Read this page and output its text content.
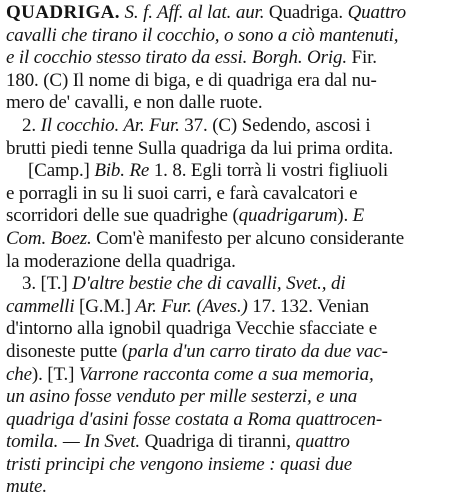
QUADRIGA. S. f. Aff. al lat. aur. Quadriga. Quattro
cavalli che tirano il cocchio, o sono a ciò mantenuti,
e il cocchio stesso tirato da essi. Borgh. Orig. Fir.
180. (C) Il nome di biga, e di quadriga era dal nu-
mero de' cavalli, e non dalle ruote.
2. Il cocchio. Ar. Fur. 37. (C) Sedendo, ascosi i
brutti piedi tenne Sulla quadriga da lui prima ordita.
[Camp.] Bib. Re 1. 8. Egli torrà li vostri figliuoli
e porragli in su li suoi carri, e farà cavalcatori e
scorridori delle sue quadrighe (quadrigarum). E
Com. Boez. Com'è manifesto per alcuno considerante
la moderazione della quadriga.
3. [T.] D'altre bestie che di cavalli, Svet., di
cammelli [G.M.] Ar. Fur. (Aves.) 17. 132. Venian
d'intorno alla ignobil quadriga Vecchie sfacciate e
disoneste putte (parla d'un carro tirato da due vac-
che). [T.] Varrone racconta come a sua memoria,
un asino fosse venduto per mille sesterzi, e una
quadriga d'asini fosse costata a Roma quattrocen-
tomila. — In Svet. Quadriga di tiranni, quattro
tristi principi che vengono insieme : quasi due
mute.
